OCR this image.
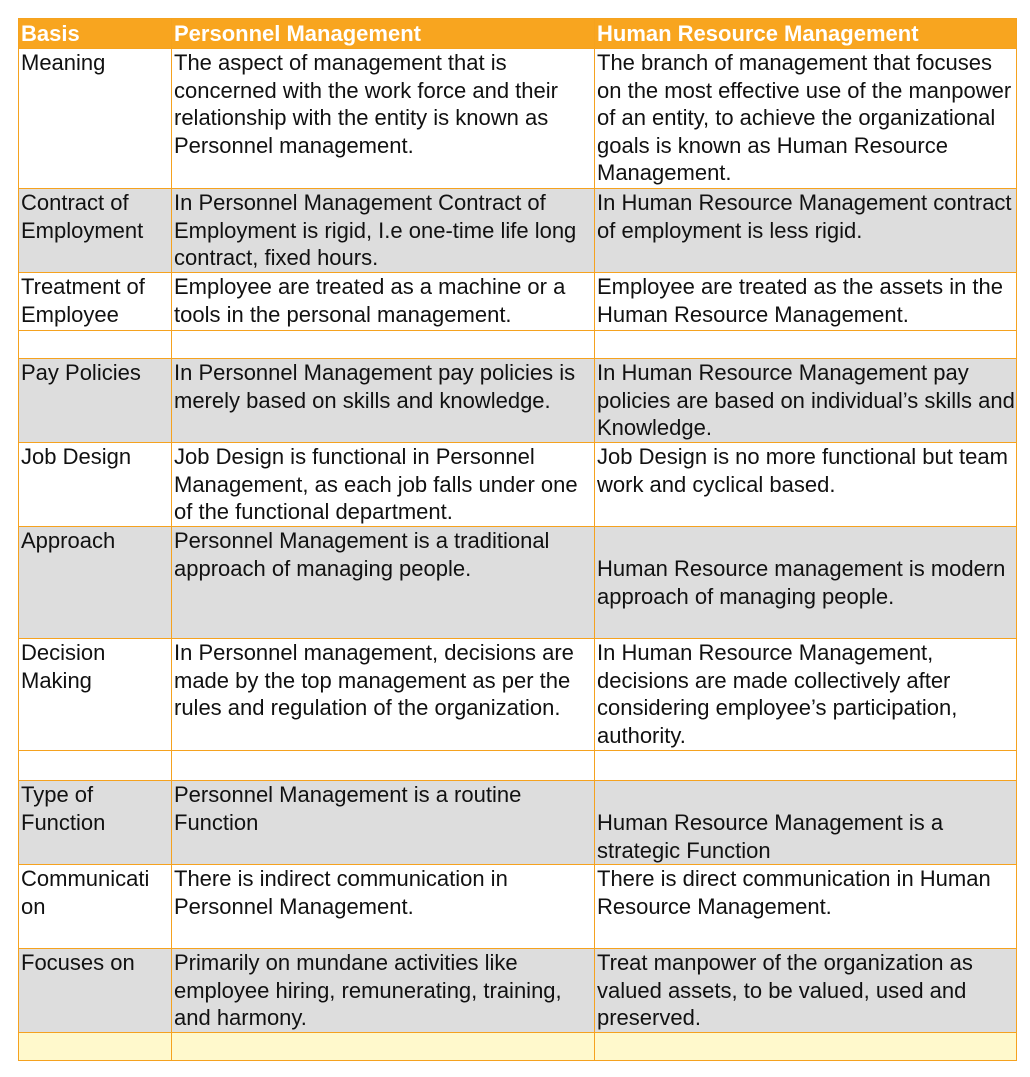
Basis	Personnel Management	Human Resource Management
Meaning	The aspect of management that is concerned with the work force and their relationship with the entity is known as Personnel management.	The branch of management that focuses on the most effective use of the manpower of an entity, to achieve the organizational goals is known as Human Resource Management.
Contract of Employment	In Personnel Management Contract of Employment is rigid, I.e one-time life long contract, fixed hours.	In Human Resource Management contract of employment is less rigid.
Treatment of Employee	Employee are treated as a machine or a tools in the personal management.	Employee are treated as the assets in the Human Resource Management.

Pay Policies	In Personnel Management pay policies is merely based on skills and knowledge.	In Human Resource Management pay policies are based on individual’s skills and Knowledge.
Job Design	Job Design is functional in Personnel Management, as each job falls under one of the functional department.	Job Design is no more functional but team work and cyclical based.
Approach	Personnel Management is a traditional approach of managing people.	Human Resource management is modern approach of managing people.
Decision Making	In Personnel management, decisions are made by the top management as per the rules and regulation of the organization.	In Human Resource Management, decisions are made collectively after considering employee’s participation, authority.

Type of Function	Personnel Management is a routine Function	Human Resource Management is a strategic Function
Communicati on	There is indirect communication in Personnel Management.	There is direct communication in Human Resource Management.
Focuses on	Primarily on mundane activities like employee hiring, remunerating, training, and harmony.	Treat manpower of the organization as valued assets, to be valued, used and preserved.
